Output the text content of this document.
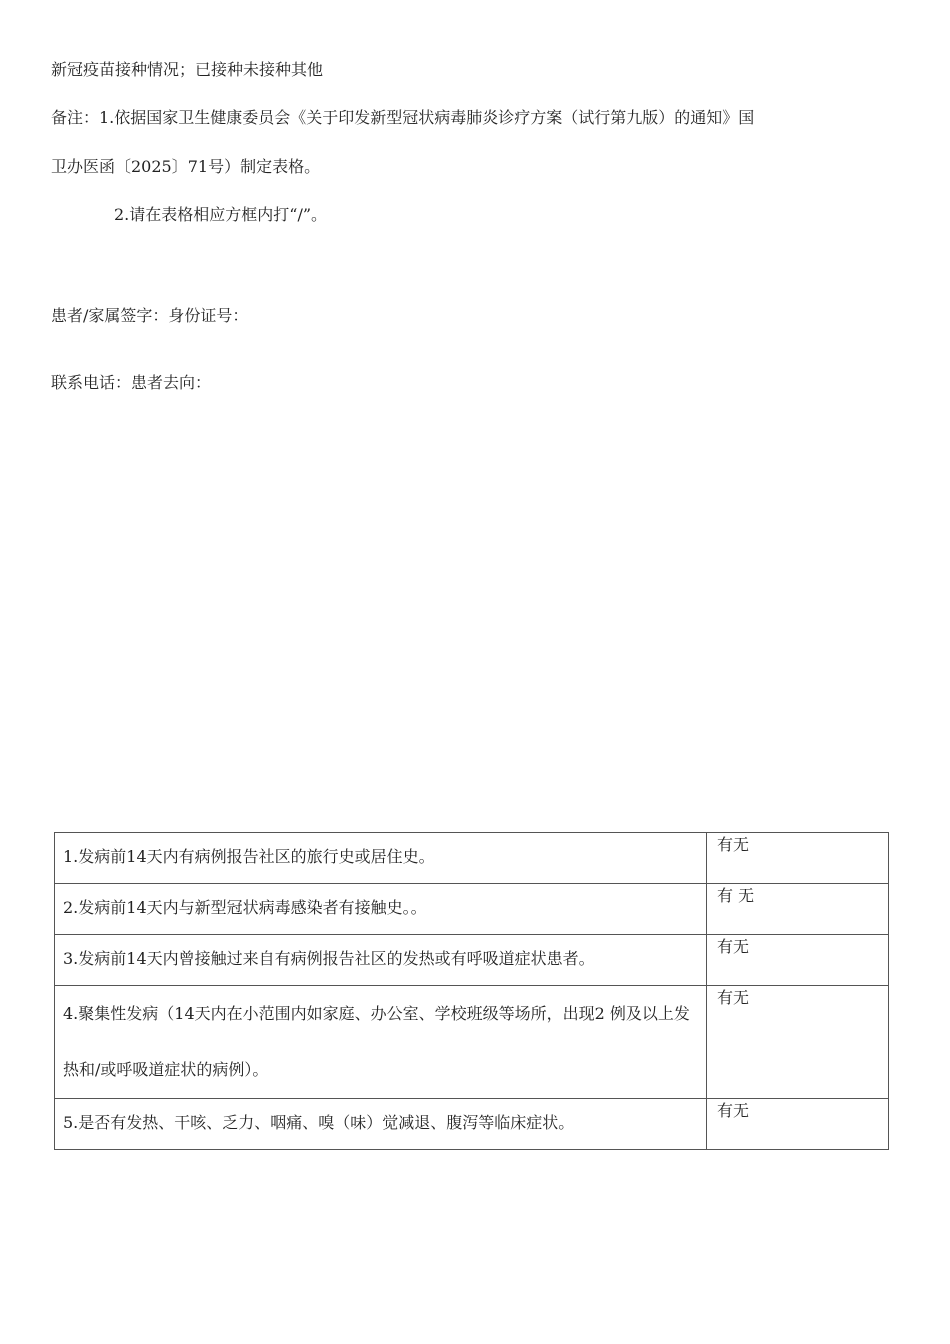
新冠疫苗接种情况；已接种未接种其他
备注：1.依据国家卫生健康委员会《关于印发新型冠状病毒肺炎诊疗方案（试行第九版）的通知》国
卫办医函〔2025〕71号）制定表格。
2.请在表格相应方框内打“/”。
患者/家属签字：身份证号：
联系电话：患者去向：
1.发病前14天内有病例报告社区的旅行史或居住史。	有无

2.发病前14天内与新型冠状病毒感染者有接触史。。	有 无

3.发病前14天内曾接触过来自有病例报告社区的发热或有呼吸道症状患者。	有无

4.聚集性发病（14天内在小范围内如家庭、办公室、学校班级等场所，出现2 例及以上发热和/或呼吸道症状的病例）。	有无

5.是否有发热、干咳、乏力、咽痛、嗅（味）觉减退、腹泻等临床症状。	有无
